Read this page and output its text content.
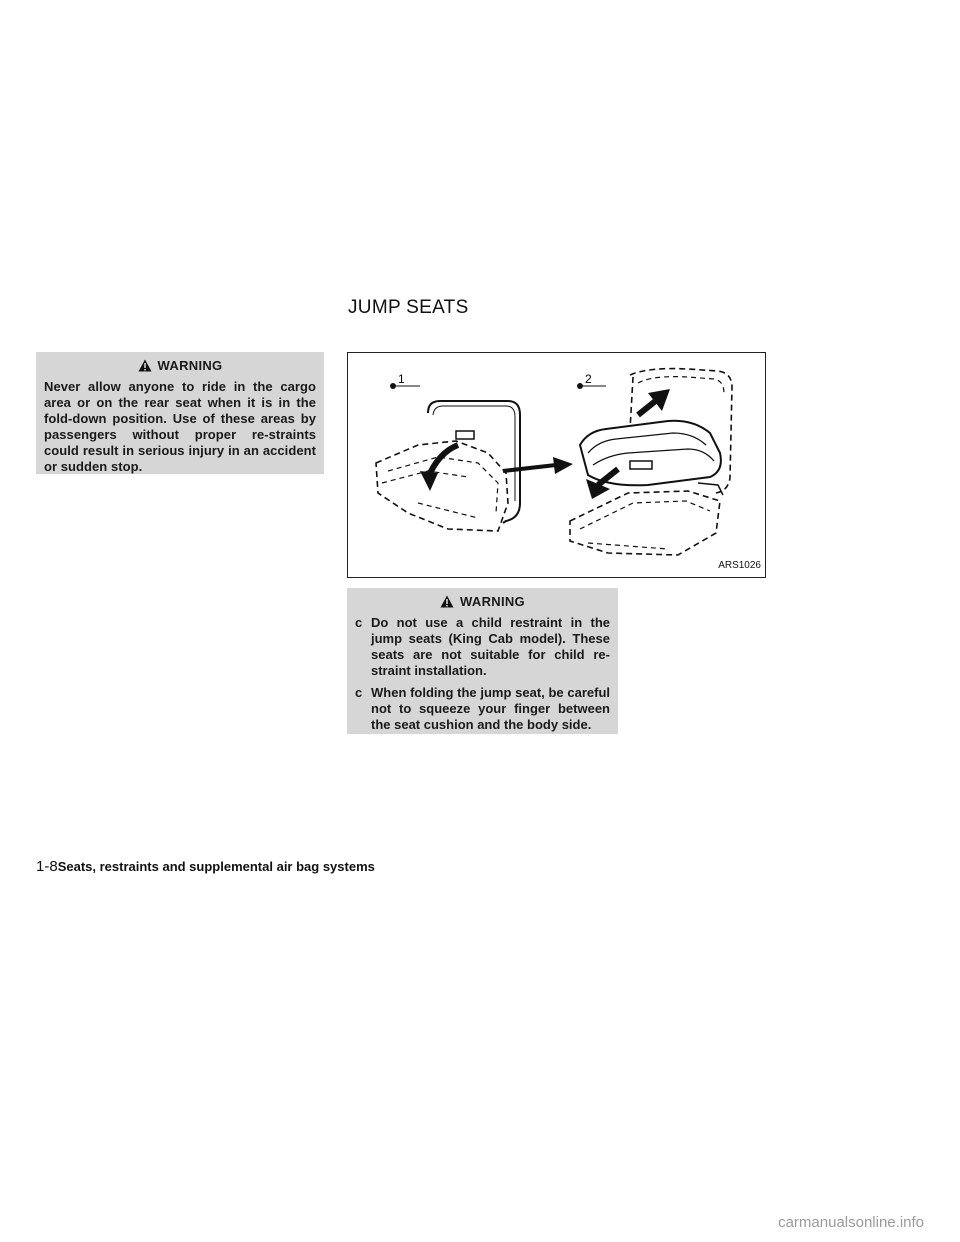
JUMP SEATS
WARNING
Never allow anyone to ride in the cargo area or on the rear seat when it is in the fold-down position. Use of these areas by passengers without proper re-straints could result in serious injury in an accident or sudden stop.
1	2
ARS1026
WARNING
c Do not use a child restraint in the jump seats (King Cab model). These seats are not suitable for child re-straint installation.
c When folding the jump seat, be careful not to squeeze your finger between the seat cushion and the body side.
1-8Seats, restraints and supplemental air bag systems
carmanualsonline.info
